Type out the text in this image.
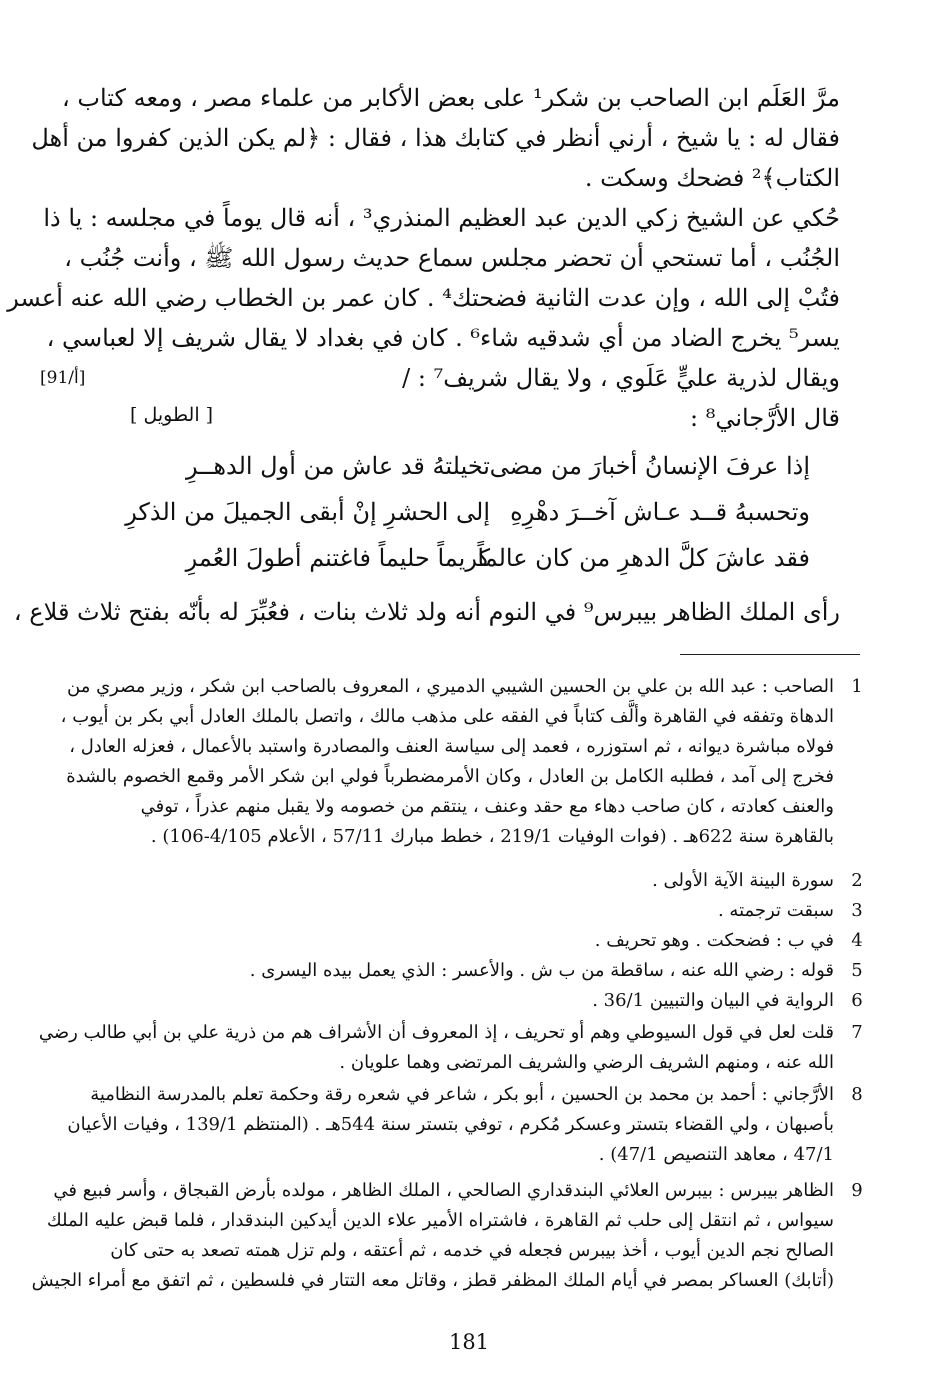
مرَّ العَلَم ابن الصاحب بن شكر¹ على بعض الأكابر من علماء مصر ، ومعه كتاب ،
فقال له : يا شيخ ، أرني أنظر في كتابك هذا ، فقال : ﴿لم يكن الذين كفروا من أهل
الكتاب﴾² فضحك وسكت .
حُكي عن الشيخ زكي الدين عبد العظيم المنذري³ ، أنه قال يوماً في مجلسه : يا ذا
الجُنُب ، أما تستحي أن تحضر مجلس سماع حديث رسول الله ﷺ ، وأنت جُنُب ،
فتُبْ إلى الله ، وإن عدت الثانية فضحتك⁴ . كان عمر بن الخطاب رضي الله عنه أعسر
يسر⁵ يخرج الضاد من أي شدقيه شاء⁶ . كان في بغداد لا يقال شريف إلا لعباسي ،
ويقال لذرية عليٍّ عَلَوي ، ولا يقال شريف⁷ : /
قال الأرَّجاني⁸ :
[91/أ]
[ الطويل ]
إذا عرفَ الإنسانُ أخبارَ من مضى
تخيلتهُ قد عاش من أول الدهــرِ
وتحسبهُ قــد عـاش آخــرَ دهْرِهِ
إلى الحشرِ إنْ أبقى الجميلَ من الذكرِ
فقد عاشَ كلَّ الدهرِ من كان عالماً
كريماً حليماً فاغتنم أطولَ العُمرِ
رأى الملك الظاهر بيبرس⁹ في النوم أنه ولد ثلاث بنات ، فعُبِّرَ له بأنّه بفتح ثلاث قلاع ،
1
الصاحب : عبد الله بن علي بن الحسين الشيبي الدميري ، المعروف بالصاحب ابن شكر ، وزير مصري من
الدهاة وتفقه في القاهرة وألَّف كتاباً في الفقه على مذهب مالك ، واتصل بالملك العادل أبي بكر بن أيوب ،
فولاه مباشرة ديوانه ، ثم استوزره ، فعمد إلى سياسة العنف والمصادرة واستبد بالأعمال ، فعزله العادل ،
فخرج إلى آمد ، فطلبه الكامل بن العادل ، وكان الأمرمضطرباً فولي ابن شكر الأمر وقمع الخصوم بالشدة
والعنف كعادته ، كان صاحب دهاء مع حقد وعنف ، ينتقم من خصومه ولا يقبل منهم عذراً ، توفي
بالقاهرة سنة 622هـ . (فوات الوفيات 219/1 ، خطط مبارك 57/11 ، الأعلام 4/105-106) .
2
سورة البينة الآية الأولى .
3
سبقت ترجمته .
4
في ب : فضحكت . وهو تحريف .
5
قوله : رضي الله عنه ، ساقطة من ب ش . والأعسر : الذي يعمل بيده اليسرى .
6
الرواية في البيان والتبيين 36/1 .
7
قلت لعل في قول السيوطي وهم أو تحريف ، إذ المعروف أن الأشراف هم من ذرية علي بن أبي طالب رضي
الله عنه ، ومنهم الشريف الرضي والشريف المرتضى وهما علويان .
8
الأرَّجاني : أحمد بن محمد بن الحسين ، أبو بكر ، شاعر في شعره رقة وحكمة تعلم بالمدرسة النظامية
بأصبهان ، ولي القضاء بتستر وعسكر مُكرم ، توفي بتستر سنة 544هـ . (المنتظم 139/1 ، وفيات الأعيان
47/1 ، معاهد التنصيص 47/1) .
9
الظاهر بيبرس : بيبرس العلائي البندقداري الصالحي ، الملك الظاهر ، مولده بأرض القبجاق ، وأسر فبيع في
سيواس ، ثم انتقل إلى حلب ثم القاهرة ، فاشتراه الأمير علاء الدين أيدكين البندقدار ، فلما قبض عليه الملك
الصالح نجم الدين أيوب ، أخذ بيبرس فجعله في خدمه ، ثم أعتقه ، ولم تزل همته تصعد به حتى كان
(أتابك) العساكر بمصر في أيام الملك المظفر قطز ، وقاتل معه التتار في فلسطين ، ثم اتفق مع أمراء الجيش
181
